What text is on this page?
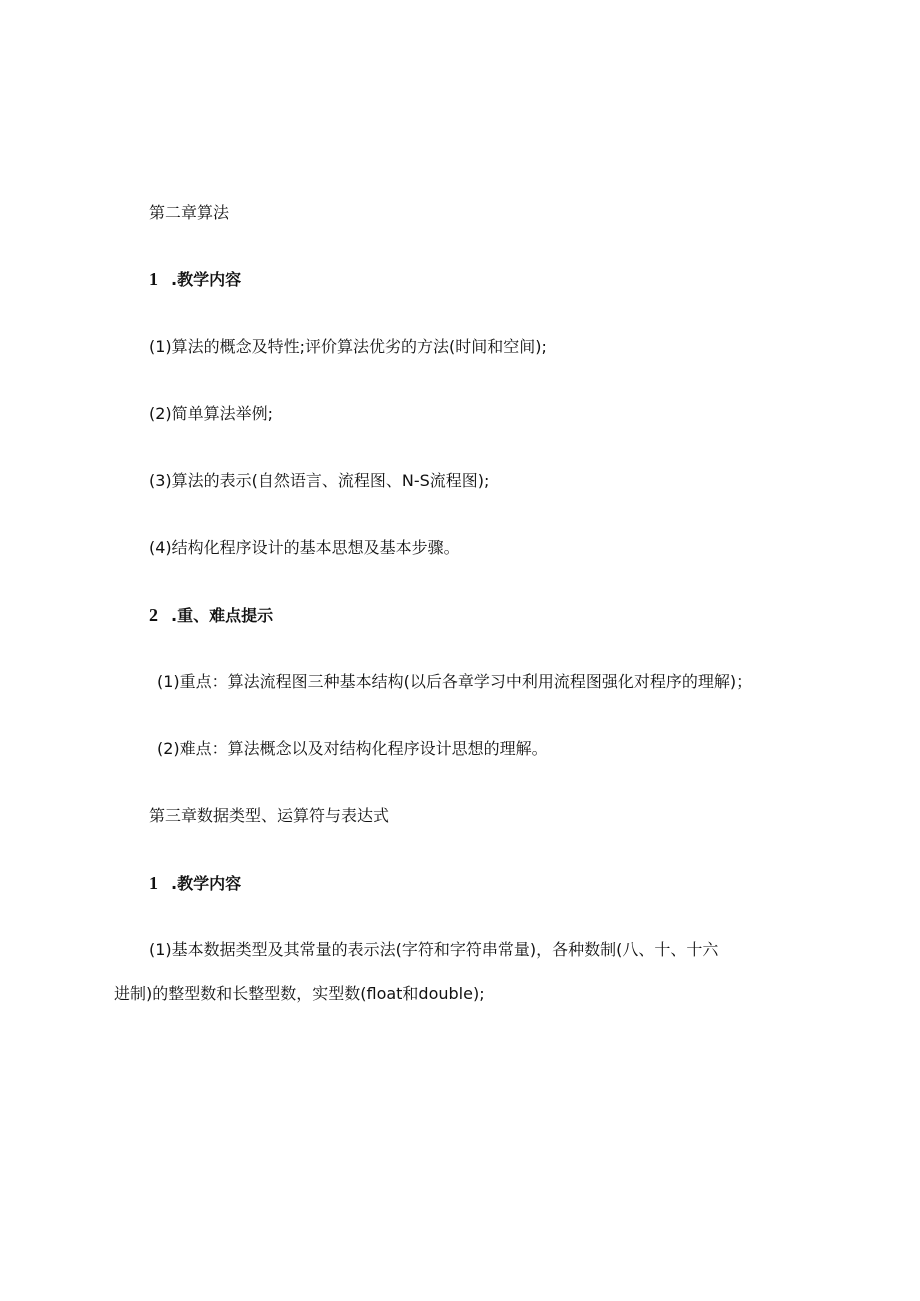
第二章算法
1 .教学内容
(1)算法的概念及特性;评价算法优劣的方法(时间和空间);
(2)简单算法举例;
(3)算法的表示(自然语言、流程图、N-S流程图);
(4)结构化程序设计的基本思想及基本步骤。
2 .重、难点提示
(1)重点：算法流程图三种基本结构(以后各章学习中利用流程图强化对程序的理解)；
(2)难点：算法概念以及对结构化程序设计思想的理解。
第三章数据类型、运算符与表达式
1 .教学内容
(1)基本数据类型及其常量的表示法(字符和字符串常量)，各种数制(八、十、十六
进制)的整型数和长整型数，实型数(float和double);
